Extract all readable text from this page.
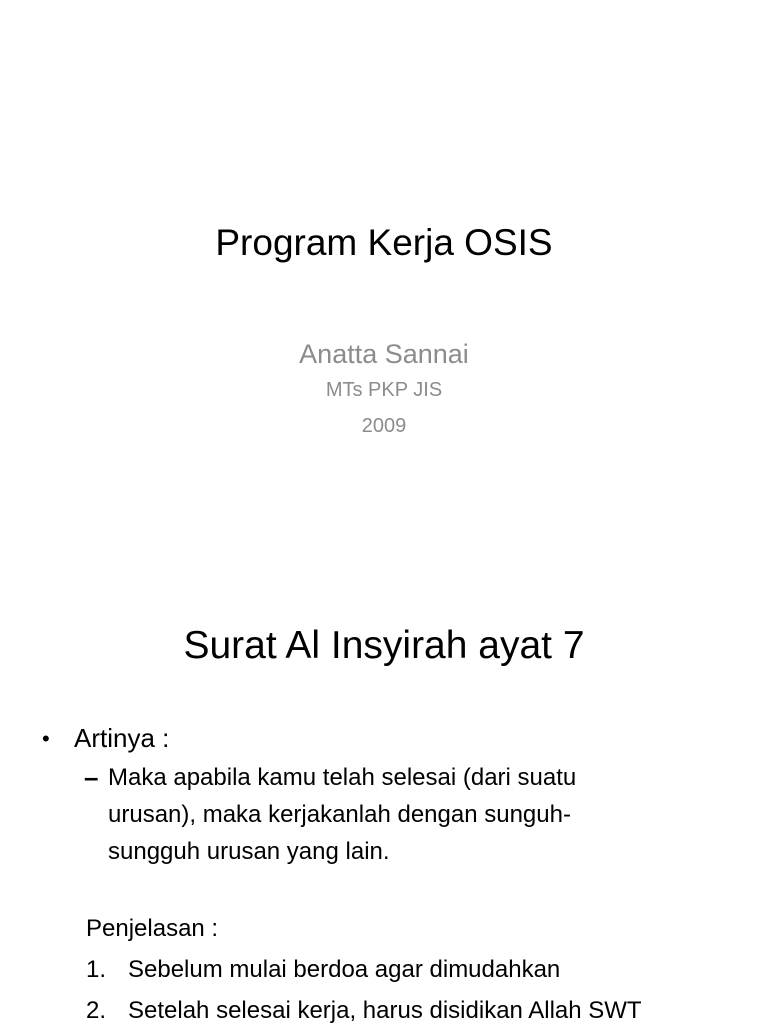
Program Kerja OSIS
Anatta Sannai
MTs PKP JIS
2009
Surat Al Insyirah ayat 7
• Artinya :
– Maka apabila kamu telah selesai (dari suatu urusan), maka kerjakanlah dengan sunguh-sungguh urusan yang lain.
Penjelasan :
1. Sebelum mulai berdoa agar dimudahkan
2. Setelah selesai kerja, harus disidikan Allah SWT
